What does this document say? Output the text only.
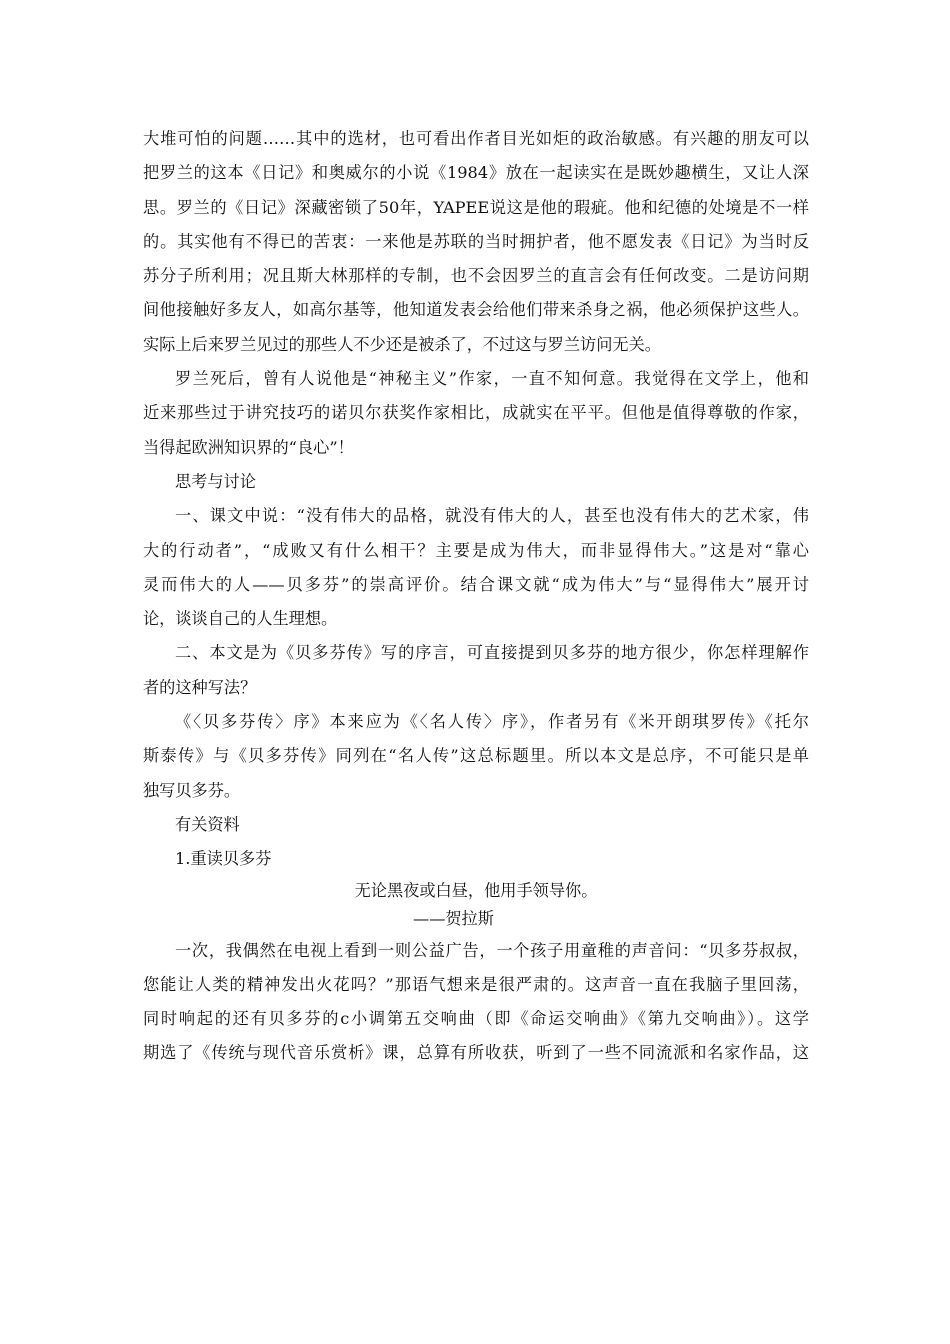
大堆可怕的问题……其中的选材，也可看出作者目光如炬的政治敏感。有兴趣的朋友可以
把罗兰的这本《日记》和奥威尔的小说《1984》放在一起读实在是既妙趣横生，又让人深
思。罗兰的《日记》深藏密锁了50年，YAPEE说这是他的瑕疵。他和纪德的处境是不一样
的。其实他有不得已的苦衷：一来他是苏联的当时拥护者，他不愿发表《日记》为当时反
苏分子所利用；况且斯大林那样的专制，也不会因罗兰的直言会有任何改变。二是访问期
间他接触好多友人，如高尔基等，他知道发表会给他们带来杀身之祸，他必须保护这些人。
实际上后来罗兰见过的那些人不少还是被杀了，不过这与罗兰访问无关。
罗兰死后，曾有人说他是“神秘主义”作家，一直不知何意。我觉得在文学上，他和
近来那些过于讲究技巧的诺贝尔获奖作家相比，成就实在平平。但他是值得尊敬的作家，
当得起欧洲知识界的“良心”！
思考与讨论
一、课文中说：“没有伟大的品格，就没有伟大的人，甚至也没有伟大的艺术家，伟
大的行动者”，“成败又有什么相干？主要是成为伟大，而非显得伟大。”这是对“靠心
灵而伟大的人——贝多芬”的崇高评价。结合课文就“成为伟大”与“显得伟大”展开讨
论，谈谈自己的人生理想。
二、本文是为《贝多芬传》写的序言，可直接提到贝多芬的地方很少，你怎样理解作
者的这种写法？
《〈贝多芬传〉序》本来应为《〈名人传〉序》，作者另有《米开朗琪罗传》《托尔
斯泰传》与《贝多芬传》同列在“名人传”这总标题里。所以本文是总序，不可能只是单
独写贝多芬。
有关资料
1.重读贝多芬
无论黑夜或白昼，他用手领导你。
——贺拉斯
一次，我偶然在电视上看到一则公益广告，一个孩子用童稚的声音问：“贝多芬叔叔，
您能让人类的精神发出火花吗？”那语气想来是很严肃的。这声音一直在我脑子里回荡，
同时响起的还有贝多芬的c小调第五交响曲（即《命运交响曲》《第九交响曲》）。这学
期选了《传统与现代音乐赏析》课，总算有所收获，听到了一些不同流派和名家作品，这
